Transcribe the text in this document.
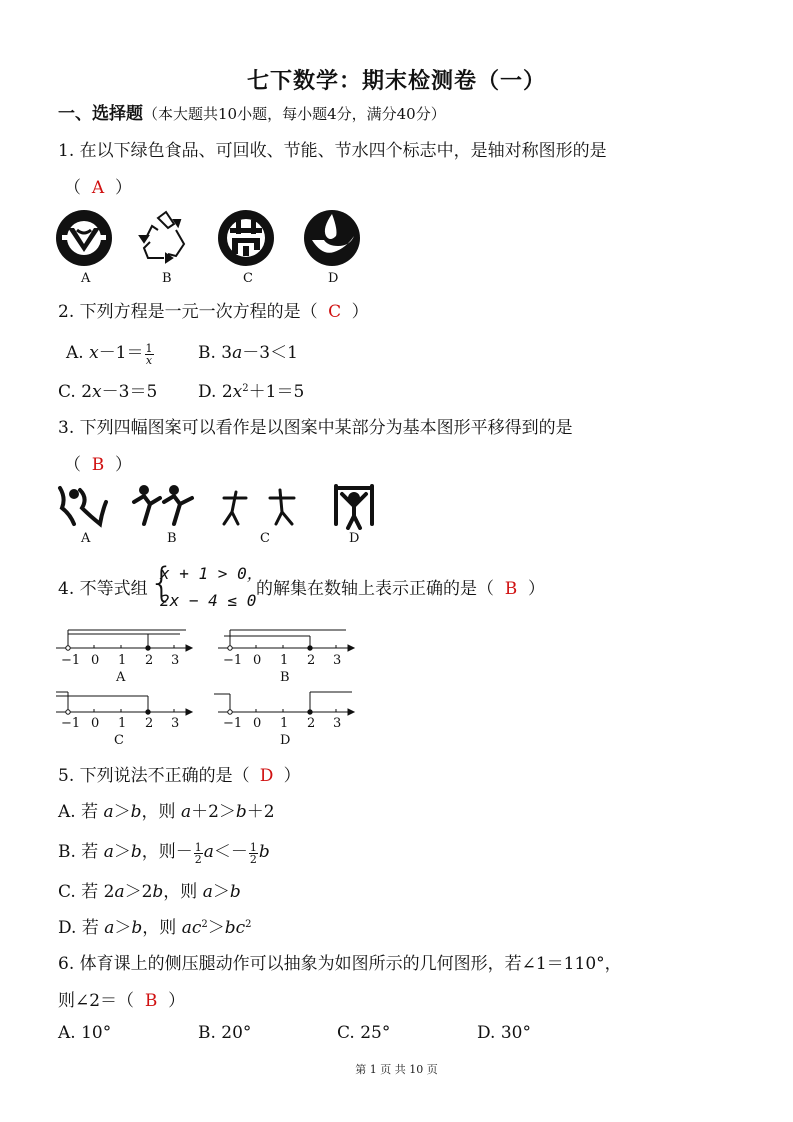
七下数学：期末检测卷（一）
一、选择题（本大题共10小题，每小题4分，满分40分）
1. 在以下绿色食品、可回收、节能、节水四个标志中，是轴对称图形的是
（ A ）
A	B	C	D
2. 下列方程是一元一次方程的是（ C ）
A. $x-1= \frac{1}{x}$	B. 3a－3＜1
C. 2x－3＝5 D. $2x^2+1=5$
3. 下列四幅图案可以看作是以图案中某部分为基本图形平移得到的是
（ B ）
A	B	C	D
4. 不等式组 {
x + 1 > 0，
2x − 4 ≤ 0
的解集在数轴上表示正确的是（ B ）
−1 0 1 2 3
A
−1 0 1 2 3
B
−1 0 1 2 3
C
−1 0 1 2 3
D
5. 下列说法不正确的是（ D ）
A. 若 a＞b，则 a＋2＞b＋2
B. 若 a＞b，则－ $\frac{1}{2} a<- \frac{1}{2}$ b
C. 若 2a＞2b，则 a＞b
D. 若 a＞b，则 $ac^2>bc^2$
6. 体育课上的侧压腿动作可以抽象为如图所示的几何图形，若∠1＝110°，
则∠2＝（ B ）
A. 10°	B. 20°	C. 25°	D. 30°
第 1 页 共 10 页
